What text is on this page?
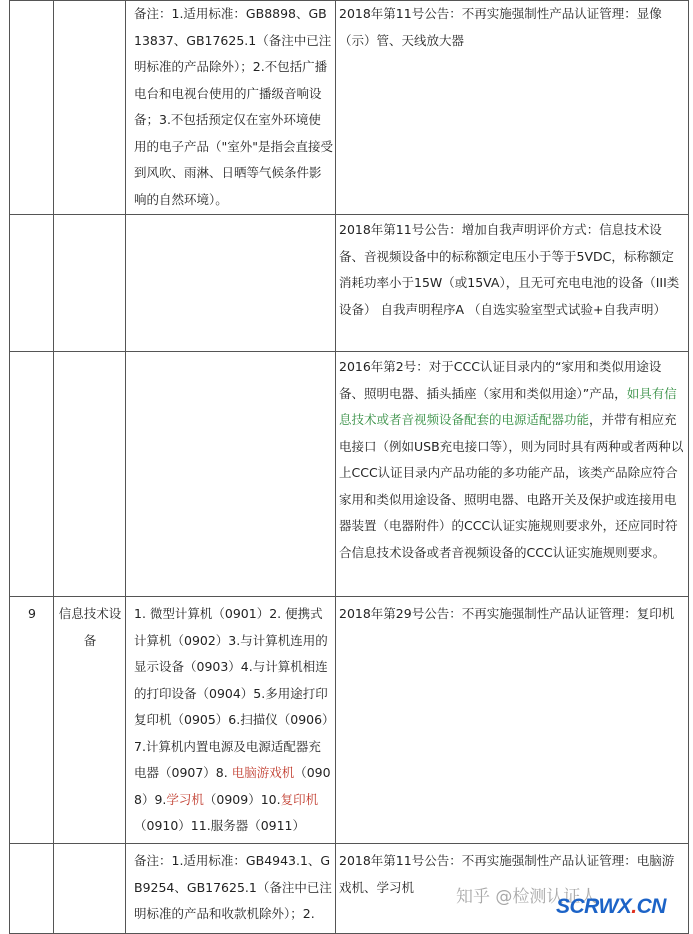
		备注：1.适用标准：GB8898、GB13837、GB17625.1（备注中已注明标准的产品除外）；2.不包括广播电台和电视台使用的广播级音响设备；3.不包括预定仅在室外环境使用的电子产品（"室外"是指会直接受到风吹、雨淋、日晒等气候条件影响的自然环境）。	2018年第11号公告：不再实施强制性产品认证管理：显像（示）管、天线放大器
			2018年第11号公告：增加自我声明评价方式：信息技术设备、音视频设备中的标称额定电压小于等于5VDC，标称额定消耗功率小于15W（或15VA），且无可充电电池的设备（III类设备） 自我声明程序A （自选实验室型式试验+自我声明）
			2016年第2号：对于CCC认证目录内的“家用和类似用途设备、照明电器、插头插座（家用和类似用途）”产品，如具有信息技术或者音视频设备配套的电源适配器功能，并带有相应充电接口（例如USB充电接口等），则为同时具有两种或者两种以上CCC认证目录内产品功能的多功能产品，该类产品除应符合家用和类似用途设备、照明电器、电路开关及保护或连接用电器装置（电器附件）的CCC认证实施规则要求外，还应同时符合信息技术设备或者音视频设备的CCC认证实施规则要求。
9	信息技术设备	1. 微型计算机（0901）2. 便携式计算机（0902）3.与计算机连用的显示设备（0903）4.与计算机相连的打印设备（0904）5.多用途打印复印机（0905）6.扫描仪（0906）7.计算机内置电源及电源适配器充电器（0907）8. 电脑游戏机（0908）9.学习机（0909）10.复印机（0910）11.服务器（0911）	2018年第29号公告：不再实施强制性产品认证管理：复印机
		备注：1.适用标准：GB4943.1、GB9254、GB17625.1（备注中已注明标准的产品和收款机除外）；2.	2018年第11号公告：不再实施强制性产品认证管理：电脑游戏机、学习机 知乎 @检测认证人
SCRWX . CN
